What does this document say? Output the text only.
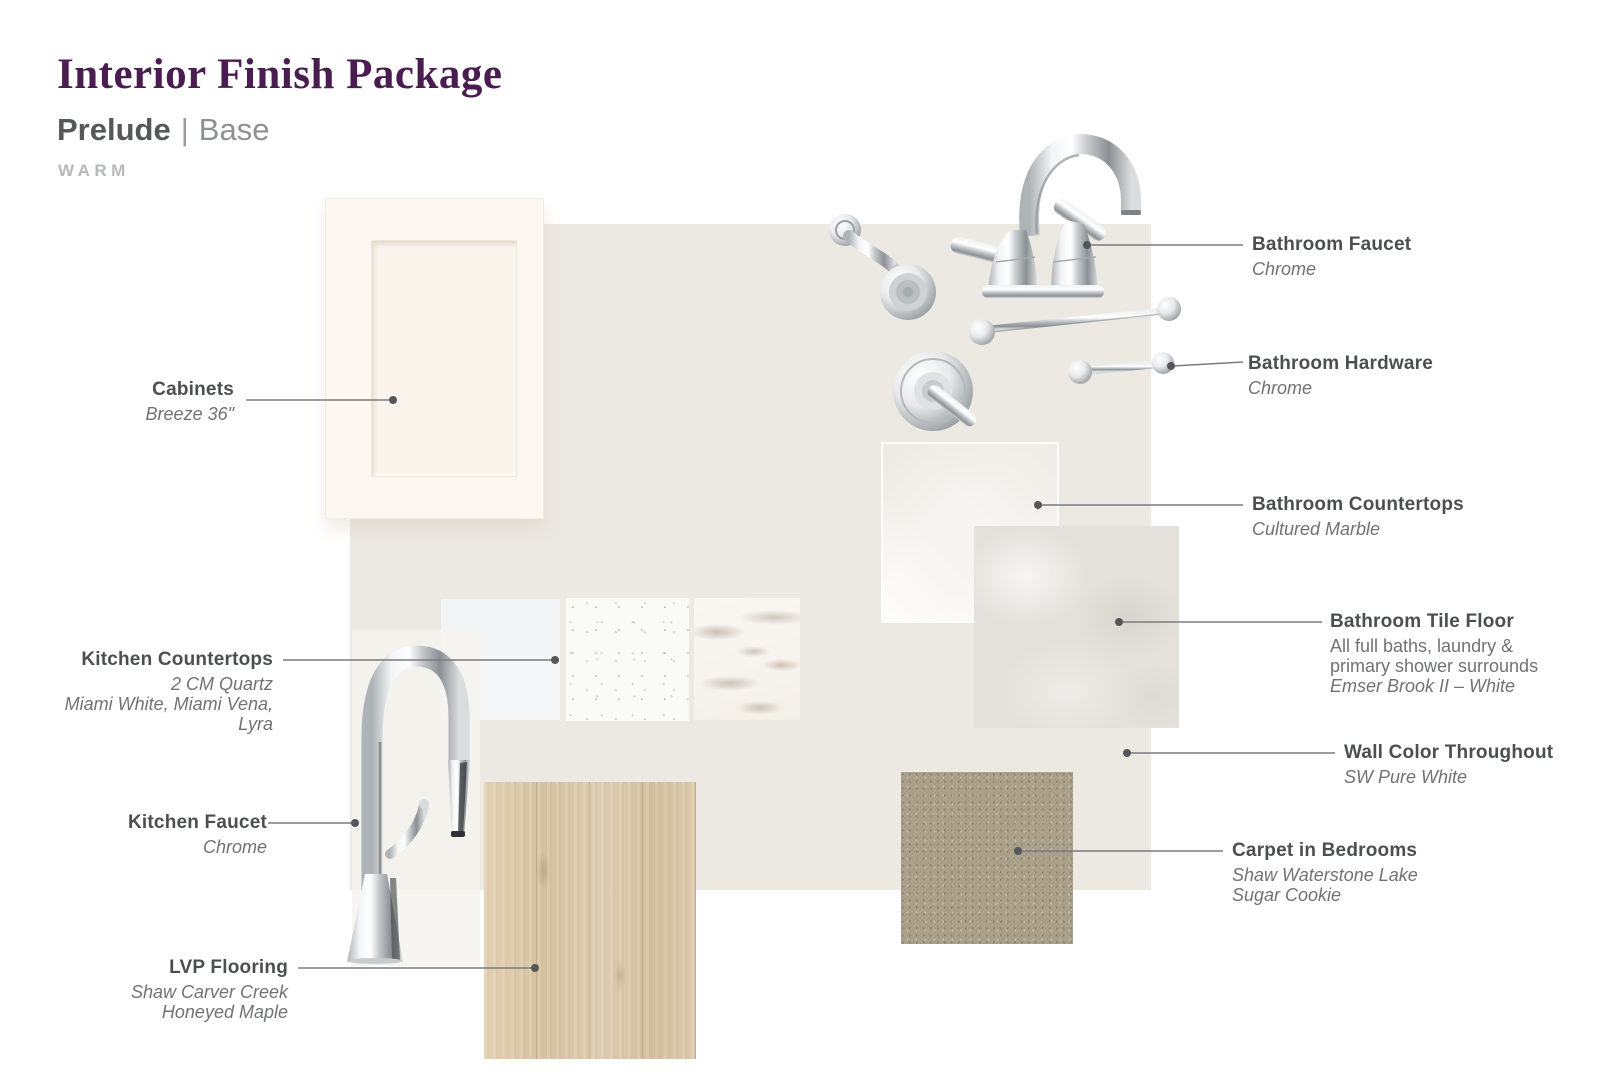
Interior Finish Package
Prelude | Base
WARM
Cabinets
Breeze 36"
Kitchen Countertops
2 CM Quartz
Miami White, Miami Vena,
Lyra
Kitchen Faucet
Chrome
LVP Flooring
Shaw Carver Creek
Honeyed Maple
Bathroom Faucet
Chrome
Bathroom Hardware
Chrome
Bathroom Countertops
Cultured Marble
Bathroom Tile Floor
All full baths, laundry &
primary shower surrounds
Emser Brook II – White
Wall Color Throughout
SW Pure White
Carpet in Bedrooms
Shaw Waterstone Lake
Sugar Cookie
